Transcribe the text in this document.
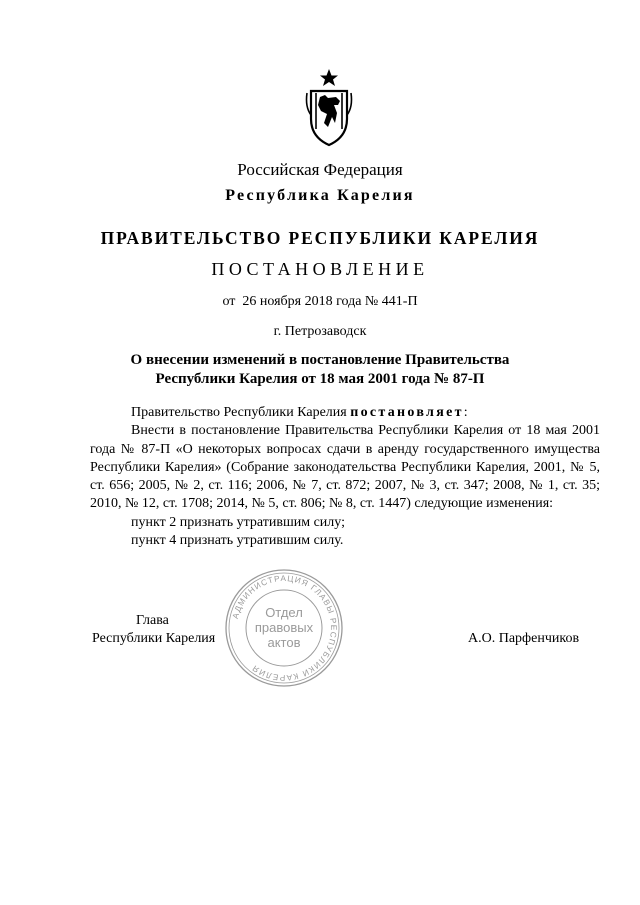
Российская Федерация
Республика Карелия
ПРАВИТЕЛЬСТВО РЕСПУБЛИКИ КАРЕЛИЯ
ПОСТАНОВЛЕНИЕ
от  26 ноября 2018 года № 441-П
г. Петрозаводск
О внесении изменений в постановление Правительства
Республики Карелия от 18 мая 2001 года № 87-П

Правительство Республики Карелия постановляет:

Внести в постановление Правительства Республики Карелия от 18 мая 2001 года № 87-П «О некоторых вопросах сдачи в аренду государственного имущества Республики Карелия» (Собрание законодательства Республики Карелия, 2001, № 5, ст. 656; 2005, № 2, ст. 116; 2006, № 7, ст. 872; 2007, № 3, ст. 347; 2008, № 1, ст. 35; 2010, № 12, ст. 1708; 2014, № 5, ст. 806; № 8, ст. 1447) следующие изменения:

пункт 2 признать утратившим силу;

пункт 4 признать утратившим силу.

АДМИНИСТРАЦИЯ ГЛАВЫ РЕСПУБЛИКИ КАРЕЛИЯ
Отдел
правовых
актов
Глава
Республики Карелия	А.О. Парфенчиков
